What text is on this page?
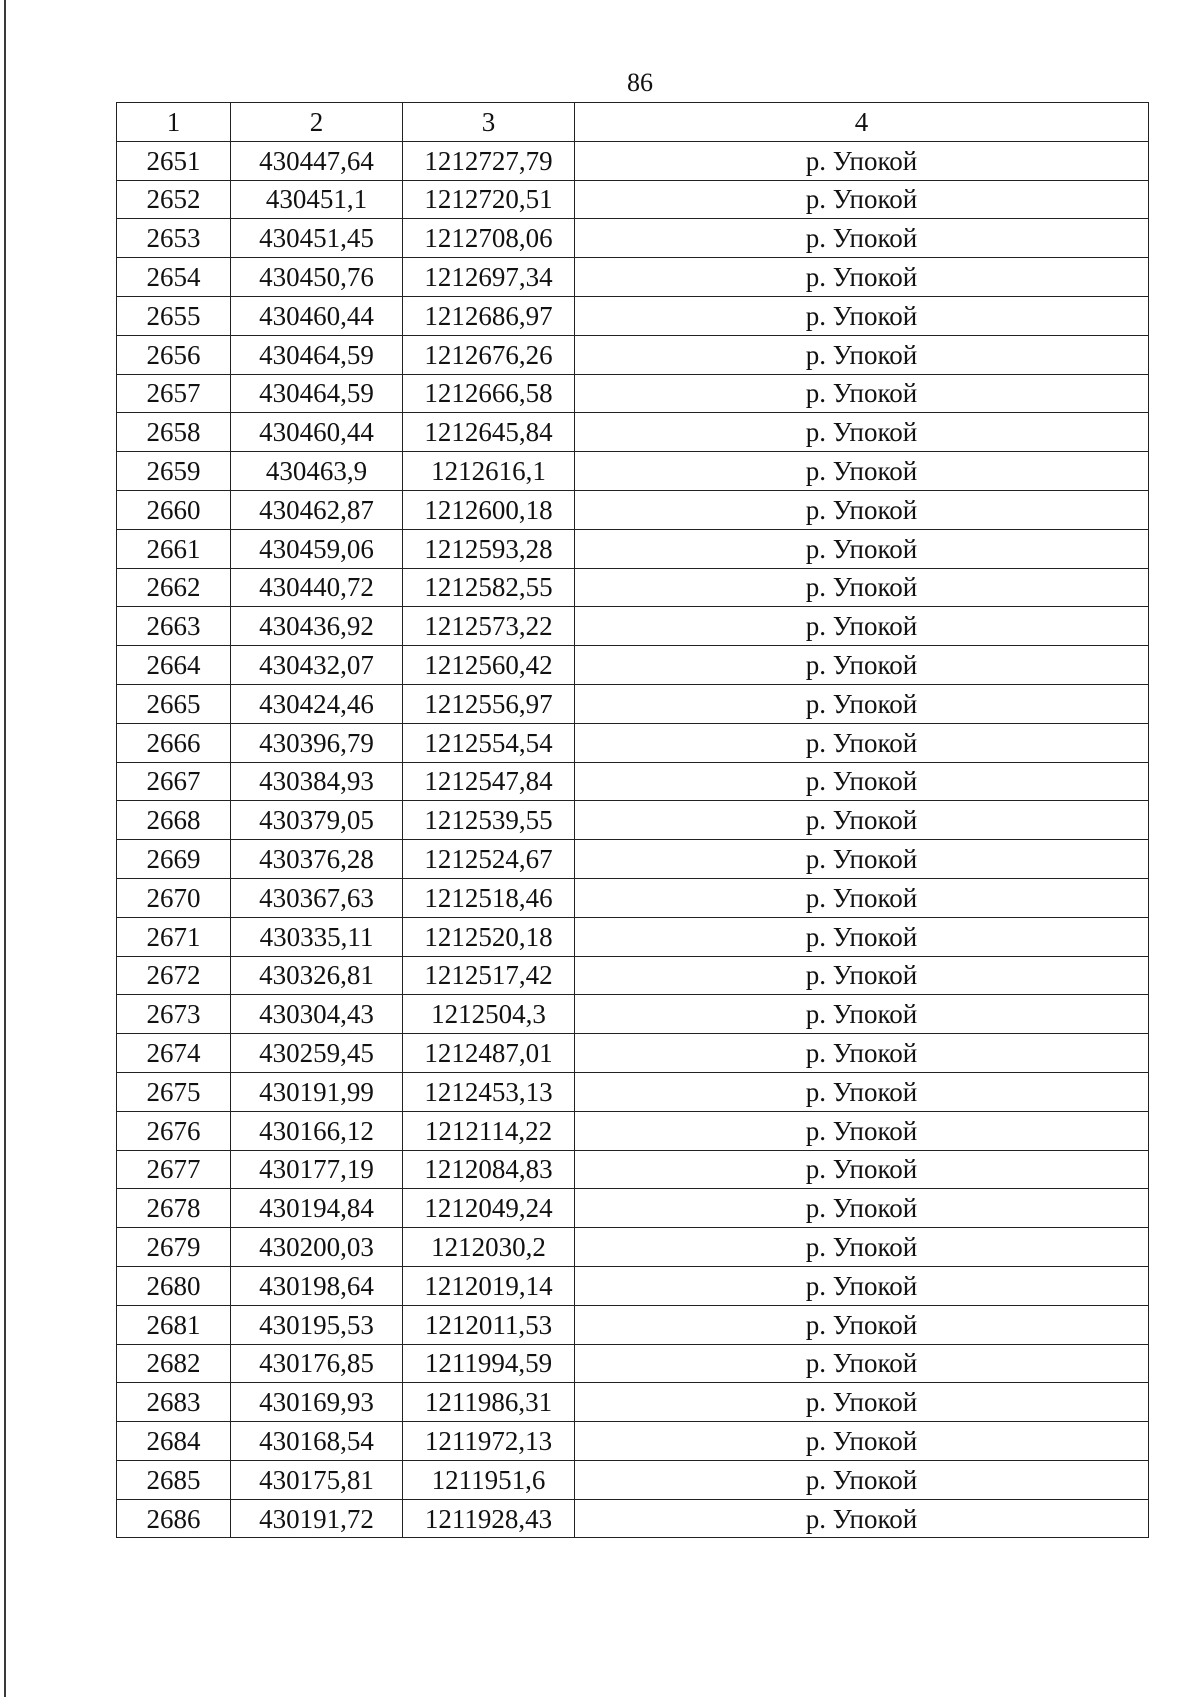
86
1	2	3	4
2651	430447,64	1212727,79	р. Упокой
2652	430451,1	1212720,51	р. Упокой
2653	430451,45	1212708,06	р. Упокой
2654	430450,76	1212697,34	р. Упокой
2655	430460,44	1212686,97	р. Упокой
2656	430464,59	1212676,26	р. Упокой
2657	430464,59	1212666,58	р. Упокой
2658	430460,44	1212645,84	р. Упокой
2659	430463,9	1212616,1	р. Упокой
2660	430462,87	1212600,18	р. Упокой
2661	430459,06	1212593,28	р. Упокой
2662	430440,72	1212582,55	р. Упокой
2663	430436,92	1212573,22	р. Упокой
2664	430432,07	1212560,42	р. Упокой
2665	430424,46	1212556,97	р. Упокой
2666	430396,79	1212554,54	р. Упокой
2667	430384,93	1212547,84	р. Упокой
2668	430379,05	1212539,55	р. Упокой
2669	430376,28	1212524,67	р. Упокой
2670	430367,63	1212518,46	р. Упокой
2671	430335,11	1212520,18	р. Упокой
2672	430326,81	1212517,42	р. Упокой
2673	430304,43	1212504,3	р. Упокой
2674	430259,45	1212487,01	р. Упокой
2675	430191,99	1212453,13	р. Упокой
2676	430166,12	1212114,22	р. Упокой
2677	430177,19	1212084,83	р. Упокой
2678	430194,84	1212049,24	р. Упокой
2679	430200,03	1212030,2	р. Упокой
2680	430198,64	1212019,14	р. Упокой
2681	430195,53	1212011,53	р. Упокой
2682	430176,85	1211994,59	р. Упокой
2683	430169,93	1211986,31	р. Упокой
2684	430168,54	1211972,13	р. Упокой
2685	430175,81	1211951,6	р. Упокой
2686	430191,72	1211928,43	р. Упокой
